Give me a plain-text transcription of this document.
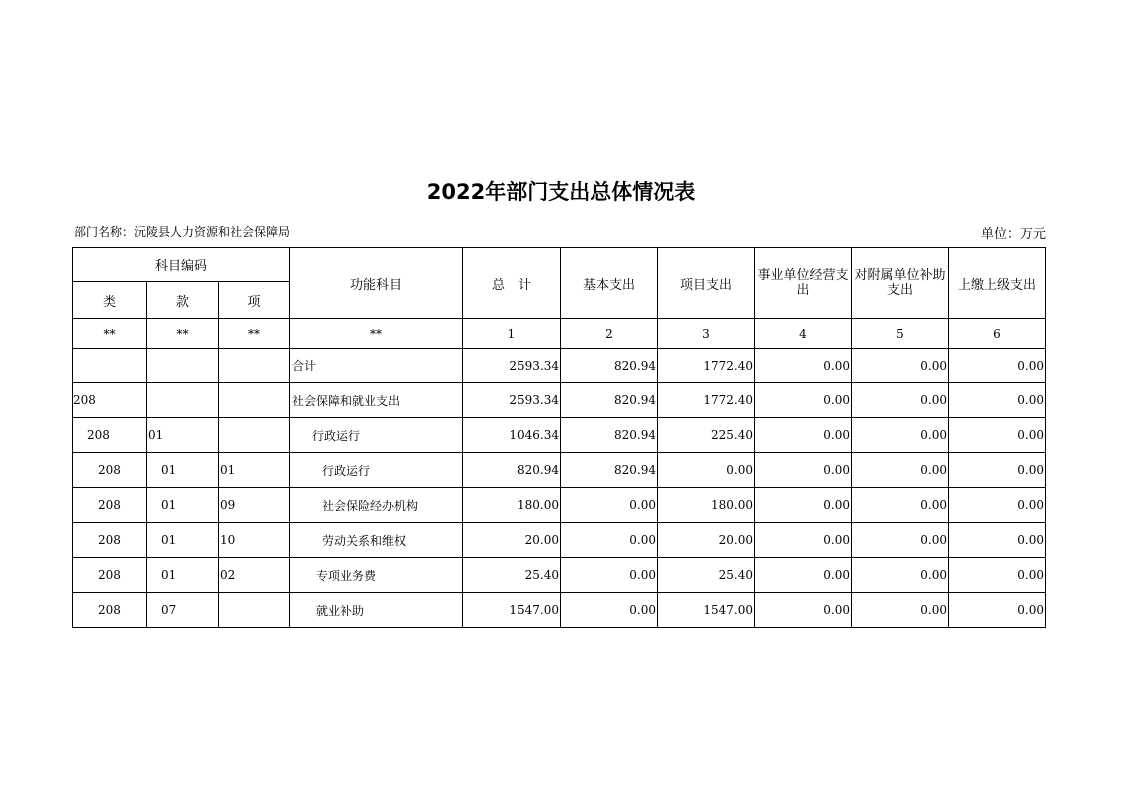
2022年部门支出总体情况表
部门名称：沅陵县人力资源和社会保障局	单位：万元
科目编码			功能科目	总　计	基本支出	项目支出	事业单位经营支出	对附属单位补助支出	上缴上级支出
类	款	项							
**	**	**	**	1	2	3	4	5	6
			合计	2593.34	820.94	1772.40	0.00	0.00	0.00
208			社会保障和就业支出	2593.34	820.94	1772.40	0.00	0.00	0.00
208	01		行政运行	1046.34	820.94	225.40	0.00	0.00	0.00
208	01	01	行政运行	820.94	820.94	0.00	0.00	0.00	0.00
208	01	09	社会保险经办机构	180.00	0.00	180.00	0.00	0.00	0.00
208	01	10	劳动关系和维权	20.00	0.00	20.00	0.00	0.00	0.00
208	01	02	专项业务费	25.40	0.00	25.40	0.00	0.00	0.00
208	07		就业补助	1547.00	0.00	1547.00	0.00	0.00	0.00
